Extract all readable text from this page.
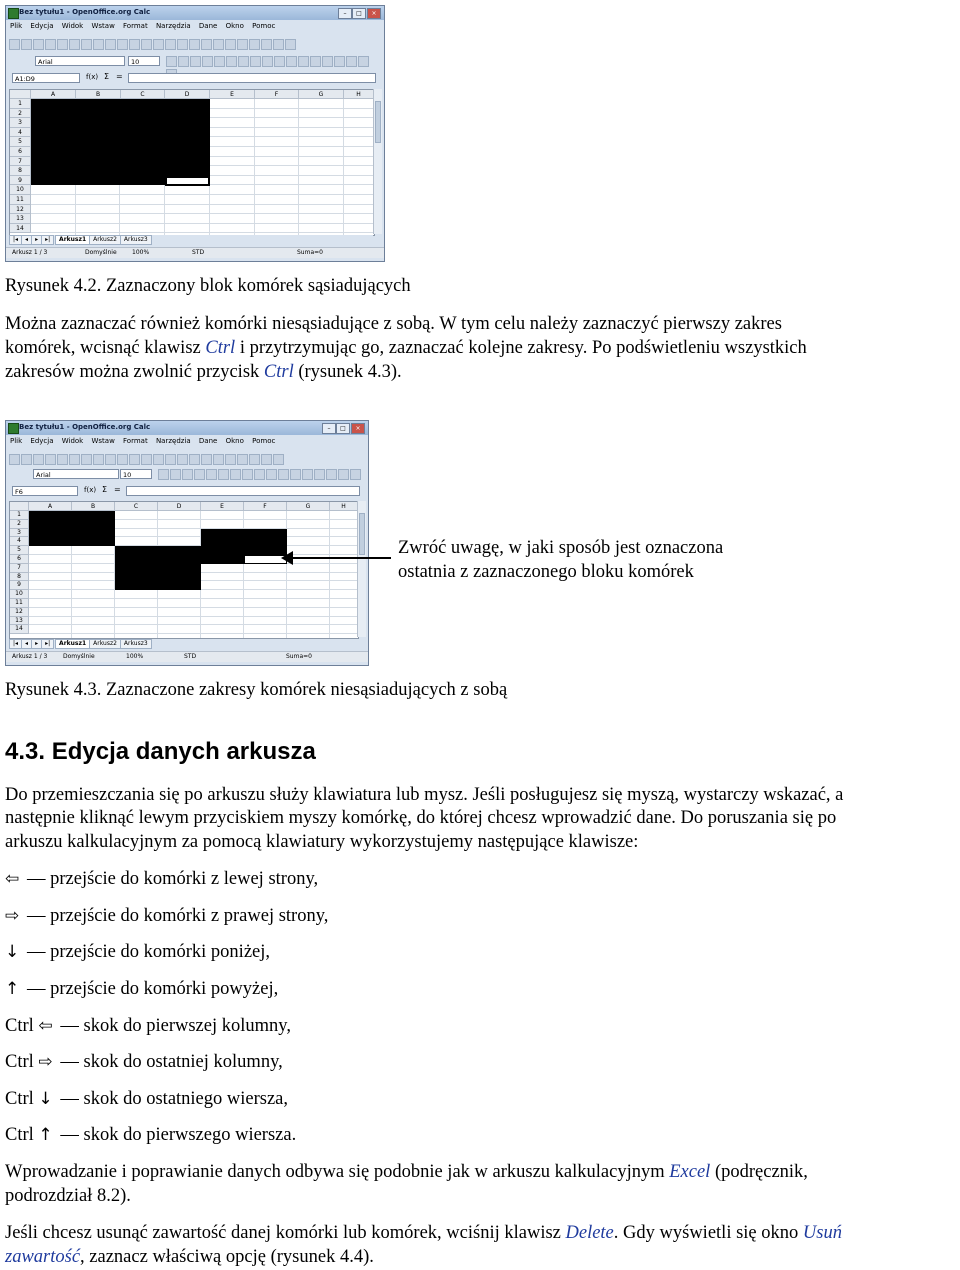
Bez tytułu1 - OpenOffice.org Calc	–	□	×
Plik Edycja Widok Wstaw Format Narzędzia Dane Okno Pomoc
Arial	10
A1:D9	f(x) Σ =
A	B	C	D	E	F	G	H
1
2
3
4
5
6
7
8
9
10
11
12
13
14
|◂ ◂ ▸ ▸| Arkusz1 Arkusz2 Arkusz3
Arkusz 1 / 3	Domyślnie	100%	STD	Suma=0
Rysunek 4.2. Zaznaczony blok komórek sąsiadujących
Można zaznaczać również komórki niesąsiadujące z sobą. W tym celu należy zaznaczyć pierwszy zakres
komórek, wcisnąć klawisz Ctrl i przytrzymując go, zaznaczać kolejne zakresy. Po podświetleniu wszystkich
zakresów można zwolnić przycisk Ctrl (rysunek 4.3).
Bez tytułu1 - OpenOffice.org Calc	–	□	×
Plik Edycja Widok Wstaw Format Narzędzia Dane Okno Pomoc
Arial	10
F6	f(x) Σ =
A	B	C	D	E	F	G	H
1
2
3
4
5
6
7
8
9
10
11
12
13
14
|◂ ◂ ▸ ▸| Arkusz1 Arkusz2 Arkusz3
Arkusz 1 / 3	Domyślnie	100%	STD	Suma=0
Zwróć uwagę, w jaki sposób jest oznaczona
ostatnia z zaznaczonego bloku komórek
Rysunek 4.3. Zaznaczone zakresy komórek niesąsiadujących z sobą
4.3. Edycja danych arkusza
Do przemieszczania się po arkuszu służy klawiatura lub mysz. Jeśli posługujesz się myszą, wystarczy wskazać, a
następnie kliknąć lewym przyciskiem myszy komórkę, do której chcesz wprowadzić dane. Do poruszania się po
arkuszu kalkulacyjnym za pomocą klawiatury wykorzystujemy następujące klawisze:
⇦ — przejście do komórki z lewej strony,
⇨ — przejście do komórki z prawej strony,
↓ — przejście do komórki poniżej,
↑ — przejście do komórki powyżej,
Ctrl ⇦ — skok do pierwszej kolumny,
Ctrl ⇨ — skok do ostatniej kolumny,
Ctrl ↓ — skok do ostatniego wiersza,
Ctrl ↑ — skok do pierwszego wiersza.
Wprowadzanie i poprawianie danych odbywa się podobnie jak w arkuszu kalkulacyjnym Excel (podręcznik,
podrozdział 8.2).
Jeśli chcesz usunąć zawartość danej komórki lub komórek, wciśnij klawisz Delete. Gdy wyświetli się okno Usuń
zawartość, zaznacz właściwą opcję (rysunek 4.4).
